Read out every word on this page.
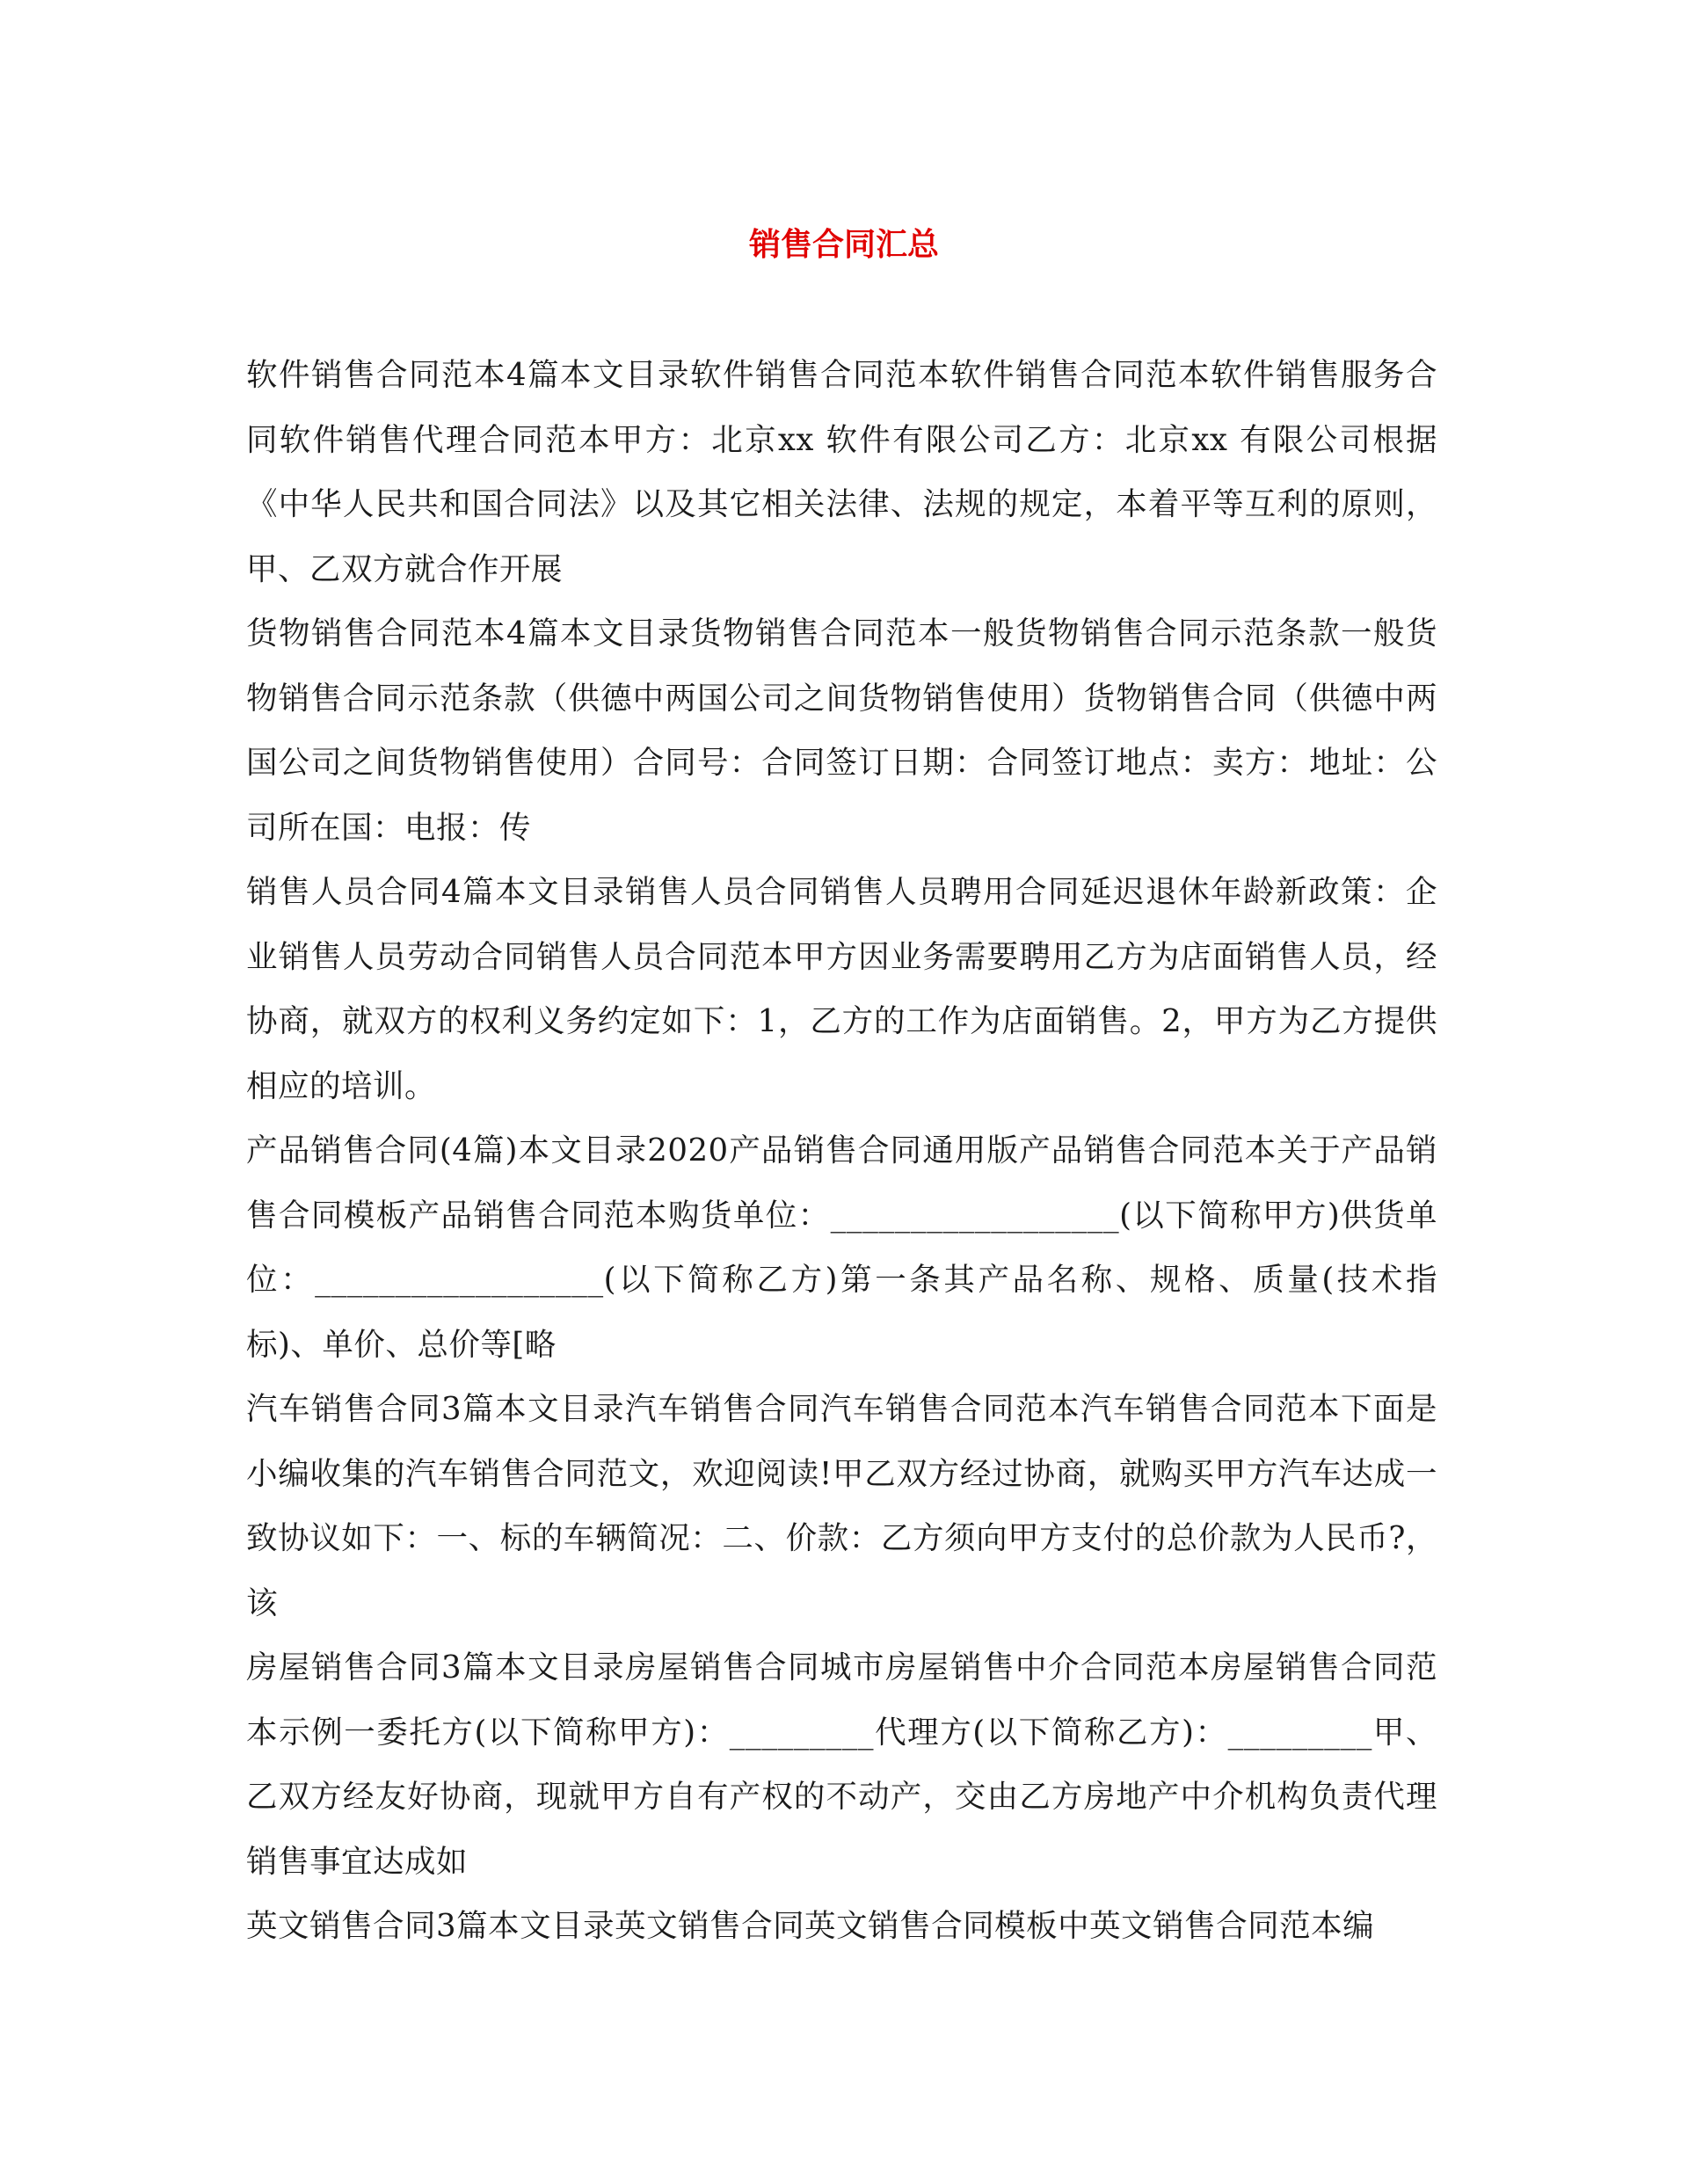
销售合同汇总

软件销售合同范本4篇本文目录软件销售合同范本软件销售合同范本软件销售服务合同软件销售代理合同范本甲方：北京xx 软件有限公司乙方：北京xx 有限公司根据《中华人民共和国合同法》以及其它相关法律、法规的规定，本着平等互利的原则，甲、乙双方就合作开展

货物销售合同范本4篇本文目录货物销售合同范本一般货物销售合同示范条款一般货物销售合同示范条款（供德中两国公司之间货物销售使用）货物销售合同（供德中两国公司之间货物销售使用）合同号：合同签订日期：合同签订地点：卖方：地址：公司所在国：电报：传

销售人员合同4篇本文目录销售人员合同销售人员聘用合同延迟退休年龄新政策：企业销售人员劳动合同销售人员合同范本甲方因业务需要聘用乙方为店面销售人员，经协商，就双方的权利义务约定如下：1，乙方的工作为店面销售。2，甲方为乙方提供相应的培训。

产品销售合同(4篇)本文目录2020产品销售合同通用版产品销售合同范本关于产品销售合同模板产品销售合同范本购货单位：__________________(以下简称甲方)供货单位：__________________(以下简称乙方)第一条其产品名称、规格、质量(技术指标)、单价、总价等[略

汽车销售合同3篇本文目录汽车销售合同汽车销售合同范本汽车销售合同范本下面是小编收集的汽车销售合同范文，欢迎阅读!甲乙双方经过协商，就购买甲方汽车达成一致协议如下：一、标的车辆简况：二、价款：乙方须向甲方支付的总价款为人民币?，该

房屋销售合同3篇本文目录房屋销售合同城市房屋销售中介合同范本房屋销售合同范本示例一委托方(以下简称甲方)：_________代理方(以下简称乙方)：_________甲、乙双方经友好协商，现就甲方自有产权的不动产，交由乙方房地产中介机构负责代理销售事宜达成如

英文销售合同3篇本文目录英文销售合同英文销售合同模板中英文销售合同范本编
